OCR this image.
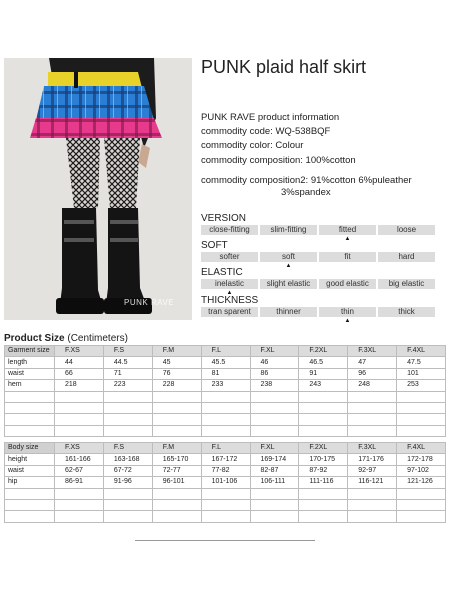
PUNK RAVE
PUNK plaid half skirt
PUNK RAVE product information
commodity code: WQ-538BQF
commodity color: Colour
commodity composition: 100%cotton
commodity composition2: 91%cotton 6%puleather
3%spandex
VERSION
close-fitting	slim-fitting	fitted	loose
▲
SOFT
softer	soft	fit	hard
▲
ELASTIC
inelastic	slight elastic	good elastic	big elastic
▲
THICKNESS
tran sparent	thinner	thin	thick
▲
Product Size (Centimeters)
Garment size	F.XS	F.S	F.M	F.L	F.XL	F.2XL	F.3XL	F.4XL
length	44	44.5	45	45.5	46	46.5	47	47.5
waist	66	71	76	81	86	91	96	101
hem	218	223	228	233	238	243	248	253

Body size	F.XS	F.S	F.M	F.L	F.XL	F.2XL	F.3XL	F.4XL
height	161-166	163-168	165-170	167-172	169-174	170-175	171-176	172-178
waist	62-67	67-72	72-77	77-82	82-87	87-92	92-97	97-102
hip	86-91	91-96	96-101	101-106	106-111	111-116	116-121	121-126
